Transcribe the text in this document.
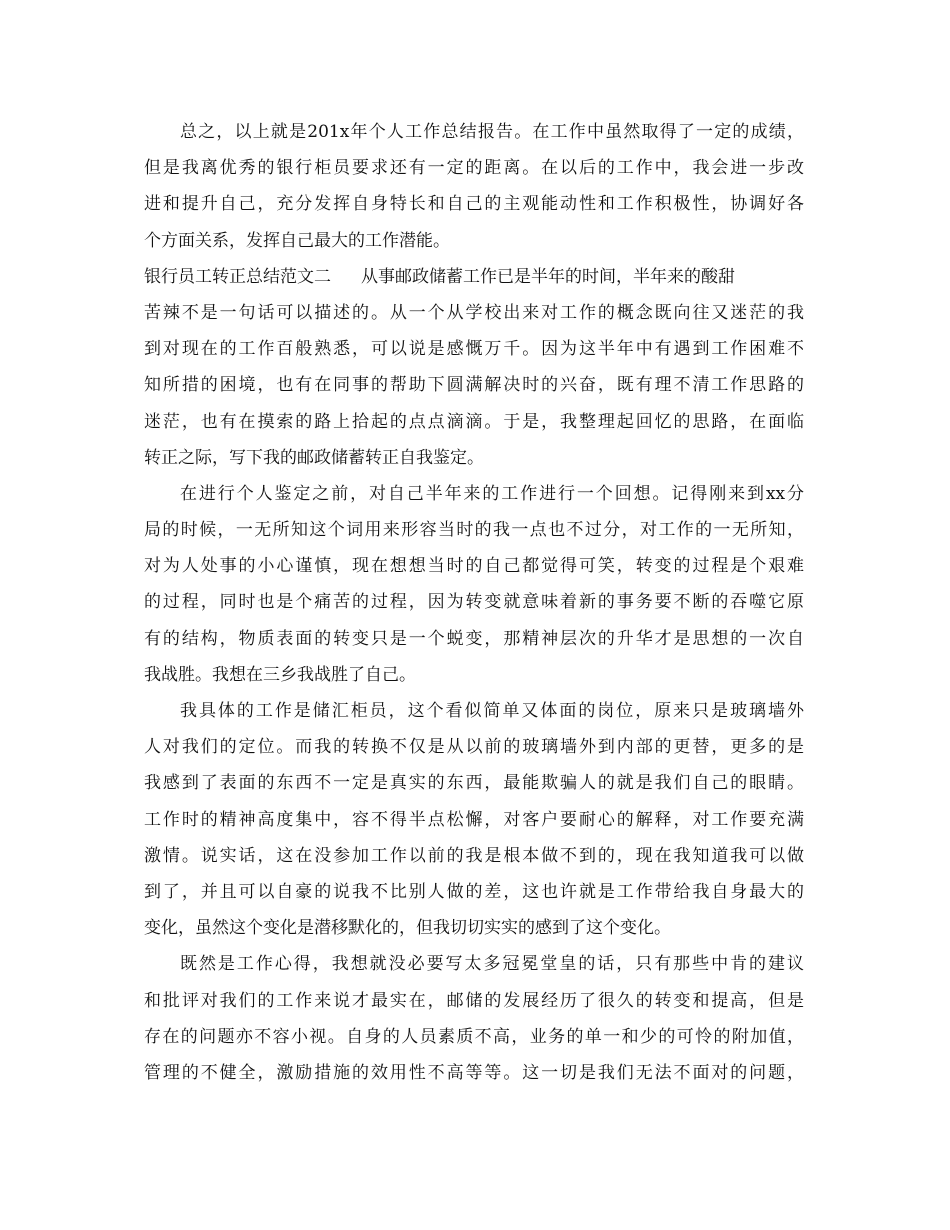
总之，以上就是201x年个人工作总结报告。在工作中虽然取得了一定的成绩，
但是我离优秀的银行柜员要求还有一定的距离。在以后的工作中，我会进一步改
进和提升自己，充分发挥自身特长和自己的主观能动性和工作积极性，协调好各
个方面关系，发挥自己最大的工作潜能。
银行员工转正总结范文二 从事邮政储蓄工作已是半年的时间，半年来的酸甜
苦辣不是一句话可以描述的。从一个从学校出来对工作的概念既向往又迷茫的我
到对现在的工作百般熟悉，可以说是感慨万千。因为这半年中有遇到工作困难不
知所措的困境，也有在同事的帮助下圆满解决时的兴奋，既有理不清工作思路的
迷茫，也有在摸索的路上拾起的点点滴滴。于是，我整理起回忆的思路，在面临
转正之际，写下我的邮政储蓄转正自我鉴定。
在进行个人鉴定之前，对自己半年来的工作进行一个回想。记得刚来到xx分
局的时候，一无所知这个词用来形容当时的我一点也不过分，对工作的一无所知，
对为人处事的小心谨慎，现在想想当时的自己都觉得可笑，转变的过程是个艰难
的过程，同时也是个痛苦的过程，因为转变就意味着新的事务要不断的吞噬它原
有的结构，物质表面的转变只是一个蜕变，那精神层次的升华才是思想的一次自
我战胜。我想在三乡我战胜了自己。
我具体的工作是储汇柜员，这个看似简单又体面的岗位，原来只是玻璃墙外
人对我们的定位。而我的转换不仅是从以前的玻璃墙外到内部的更替，更多的是
我感到了表面的东西不一定是真实的东西，最能欺骗人的就是我们自己的眼睛。
工作时的精神高度集中，容不得半点松懈，对客户要耐心的解释，对工作要充满
激情。说实话，这在没参加工作以前的我是根本做不到的，现在我知道我可以做
到了，并且可以自豪的说我不比别人做的差，这也许就是工作带给我自身最大的
变化，虽然这个变化是潜移默化的，但我切切实实的感到了这个变化。
既然是工作心得，我想就没必要写太多冠冕堂皇的话，只有那些中肯的建议
和批评对我们的工作来说才最实在，邮储的发展经历了很久的转变和提高，但是
存在的问题亦不容小视。自身的人员素质不高，业务的单一和少的可怜的附加值，
管理的不健全，激励措施的效用性不高等等。这一切是我们无法不面对的问题，
